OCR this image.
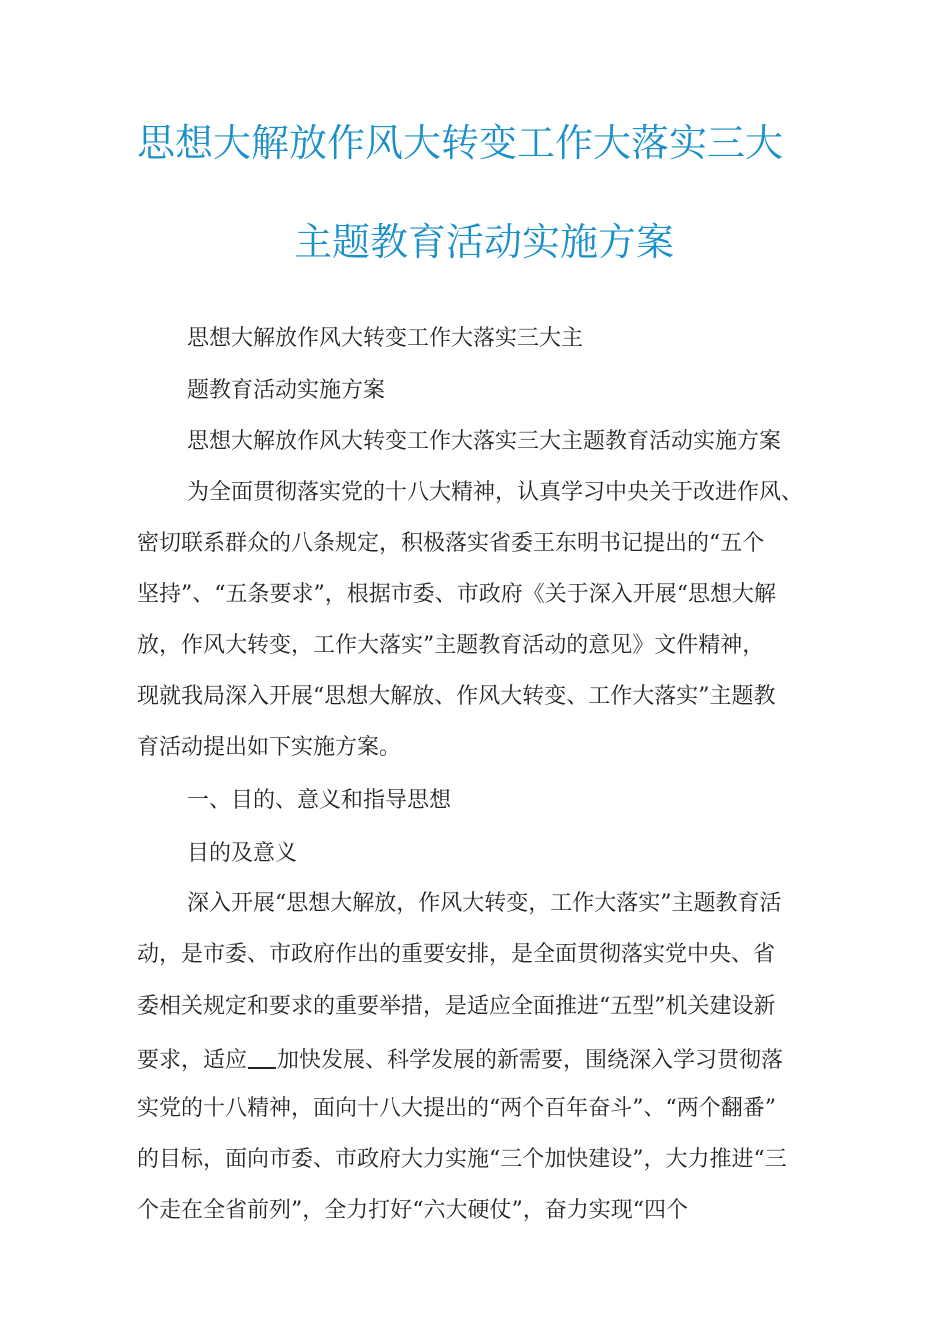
思想大解放作风大转变工作大落实三大
主题教育活动实施方案
思想大解放作风大转变工作大落实三大主
题教育活动实施方案
思想大解放作风大转变工作大落实三大主题教育活动实施方案
为全面贯彻落实党的十八大精神，认真学习中央关于改进作风、
密切联系群众的八条规定，积极落实省委王东明书记提出的“五个
坚持”、“五条要求”，根据市委、市政府《关于深入开展“思想大解
放，作风大转变，工作大落实”主题教育活动的意见》文件精神，
现就我局深入开展“思想大解放、作风大转变、工作大落实”主题教
育活动提出如下实施方案。
一、目的、意义和指导思想
目的及意义
深入开展“思想大解放，作风大转变，工作大落实”主题教育活
动，是市委、市政府作出的重要安排，是全面贯彻落实党中央、省
委相关规定和要求的重要举措，是适应全面推进“五型”机关建设新
要求，适应 加快发展、科学发展的新需要，围绕深入学习贯彻落
实党的十八精神，面向十八大提出的“两个百年奋斗”、“两个翻番”
的目标，面向市委、市政府大力实施“三个加快建设”，大力推进“三
个走在全省前列”，全力打好“六大硬仗”，奋力实现“四个
